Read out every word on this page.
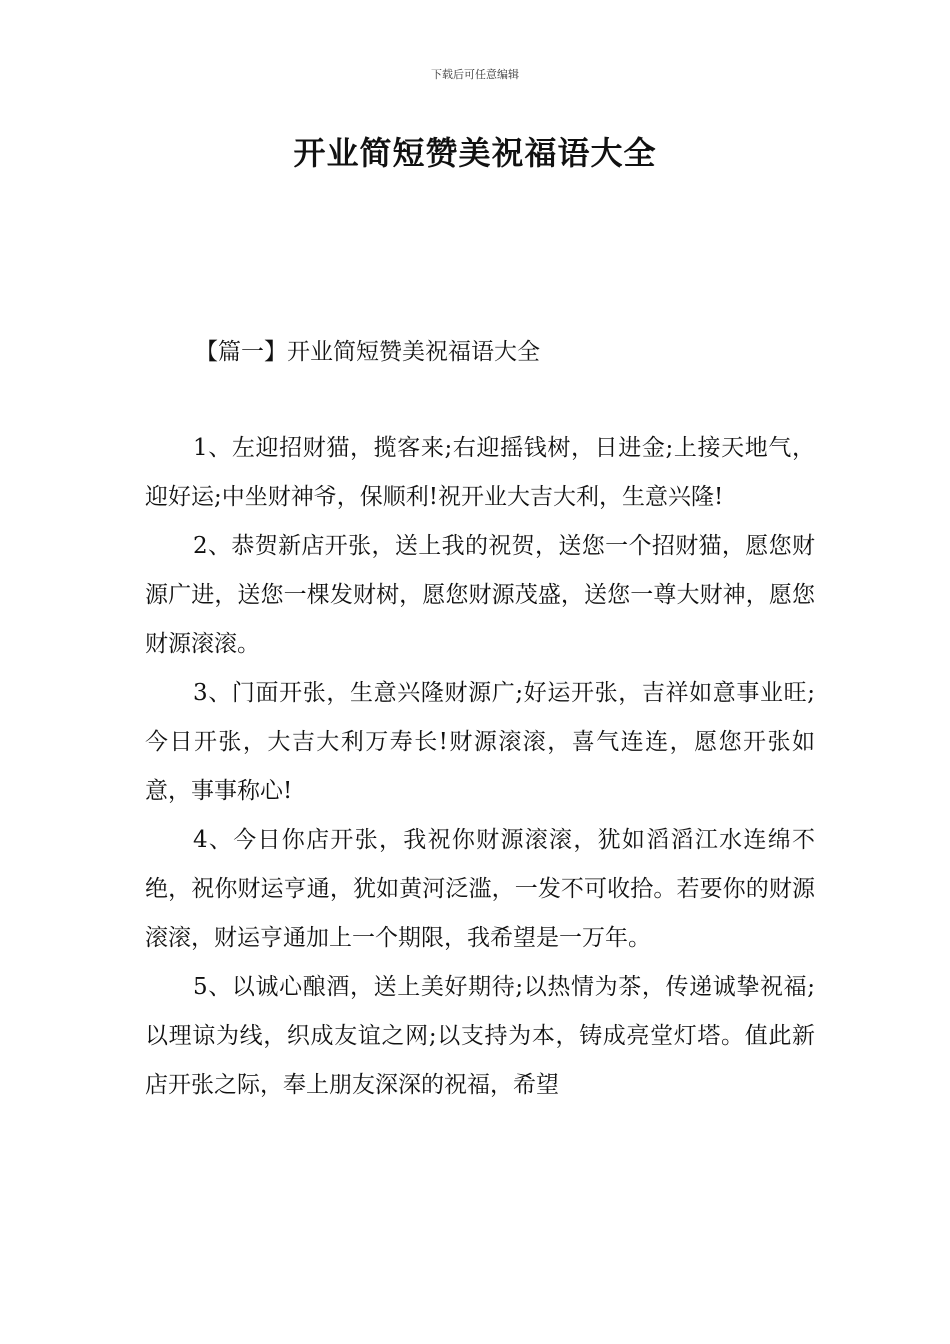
下载后可任意编辑
开业简短赞美祝福语大全
【篇一】开业简短赞美祝福语大全

1、左迎招财猫，揽客来;右迎摇钱树，日进金;上接天地气，迎好运;中坐财神爷，保顺利!祝开业大吉大利，生意兴隆!

2、恭贺新店开张，送上我的祝贺，送您一个招财猫，愿您财源广进，送您一棵发财树，愿您财源茂盛，送您一尊大财神，愿您财源滚滚。

3、门面开张，生意兴隆财源广;好运开张，吉祥如意事业旺;今日开张，大吉大利万寿长!财源滚滚，喜气连连，愿您开张如意，事事称心!

4、今日你店开张，我祝你财源滚滚，犹如滔滔江水连绵不绝，祝你财运亨通，犹如黄河泛滥，一发不可收拾。若要你的财源滚滚，财运亨通加上一个期限，我希望是一万年。

5、以诚心酿酒，送上美好期待;以热情为茶，传递诚挚祝福;以理谅为线，织成友谊之网;以支持为本，铸成亮堂灯塔。值此新店开张之际，奉上朋友深深的祝福，希望
